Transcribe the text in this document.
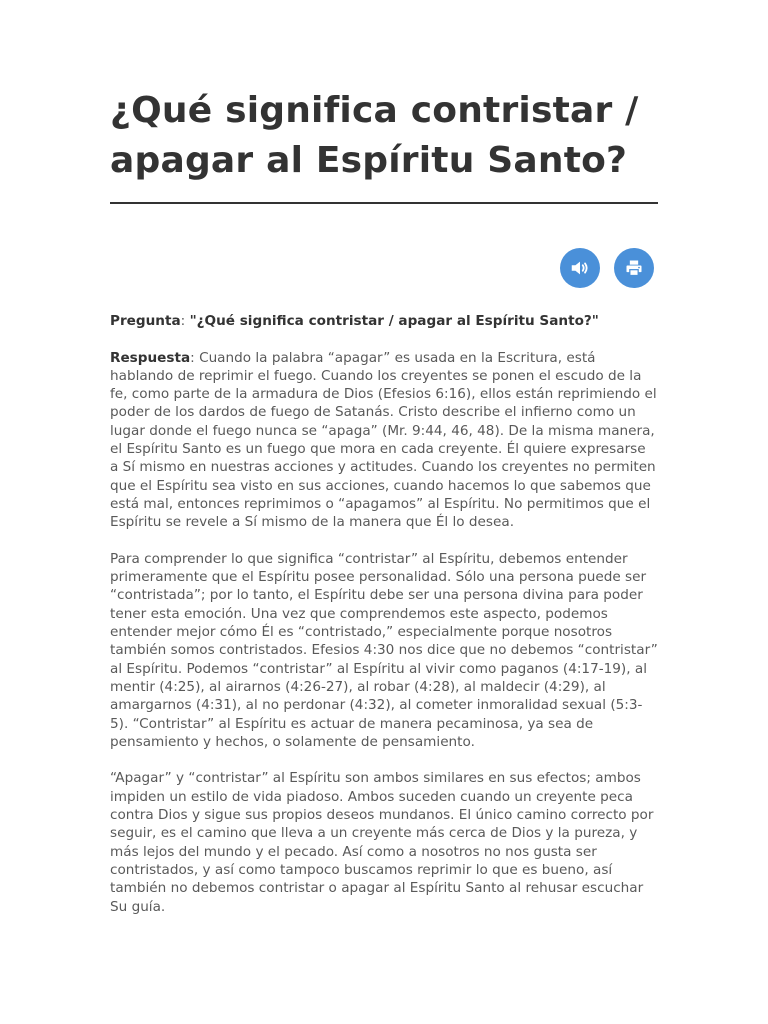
¿Qué significa contristar / apagar al Espíritu Santo?

Pregunta: "¿Qué significa contristar / apagar al Espíritu Santo?"

Respuesta: Cuando la palabra “apagar” es usada en la Escritura, está hablando de reprimir el fuego. Cuando los creyentes se ponen el escudo de la fe, como parte de la armadura de Dios (Efesios 6:16), ellos están reprimiendo el poder de los dardos de fuego de Satanás. Cristo describe el infierno como un lugar donde el fuego nunca se “apaga” (Mr. 9:44, 46, 48). De la misma manera, el Espíritu Santo es un fuego que mora en cada creyente. Él quiere expresarse a Sí mismo en nuestras acciones y actitudes. Cuando los creyentes no permiten que el Espíritu sea visto en sus acciones, cuando hacemos lo que sabemos que está mal, entonces reprimimos o “apagamos” al Espíritu. No permitimos que el Espíritu se revele a Sí mismo de la manera que Él lo desea.

Para comprender lo que significa “contristar” al Espíritu, debemos entender primeramente que el Espíritu posee personalidad. Sólo una persona puede ser “contristada”; por lo tanto, el Espíritu debe ser una persona divina para poder tener esta emoción. Una vez que comprendemos este aspecto, podemos entender mejor cómo Él es “contristado,” especialmente porque nosotros también somos contristados. Efesios 4:30 nos dice que no debemos “contristar” al Espíritu. Podemos “contristar” al Espíritu al vivir como paganos (4:17-19), al mentir (4:25), al airarnos (4:26-27), al robar (4:28), al maldecir (4:29), al amargarnos (4:31), al no perdonar (4:32), al cometer inmoralidad sexual (5:3-5). “Contristar” al Espíritu es actuar de manera pecaminosa, ya sea de pensamiento y hechos, o solamente de pensamiento.

“Apagar” y “contristar” al Espíritu son ambos similares en sus efectos; ambos impiden un estilo de vida piadoso. Ambos suceden cuando un creyente peca contra Dios y sigue sus propios deseos mundanos. El único camino correcto por seguir, es el camino que lleva a un creyente más cerca de Dios y la pureza, y más lejos del mundo y el pecado. Así como a nosotros no nos gusta ser contristados, y así como tampoco buscamos reprimir lo que es bueno, así también no debemos contristar o apagar al Espíritu Santo al rehusar escuchar Su guía.
